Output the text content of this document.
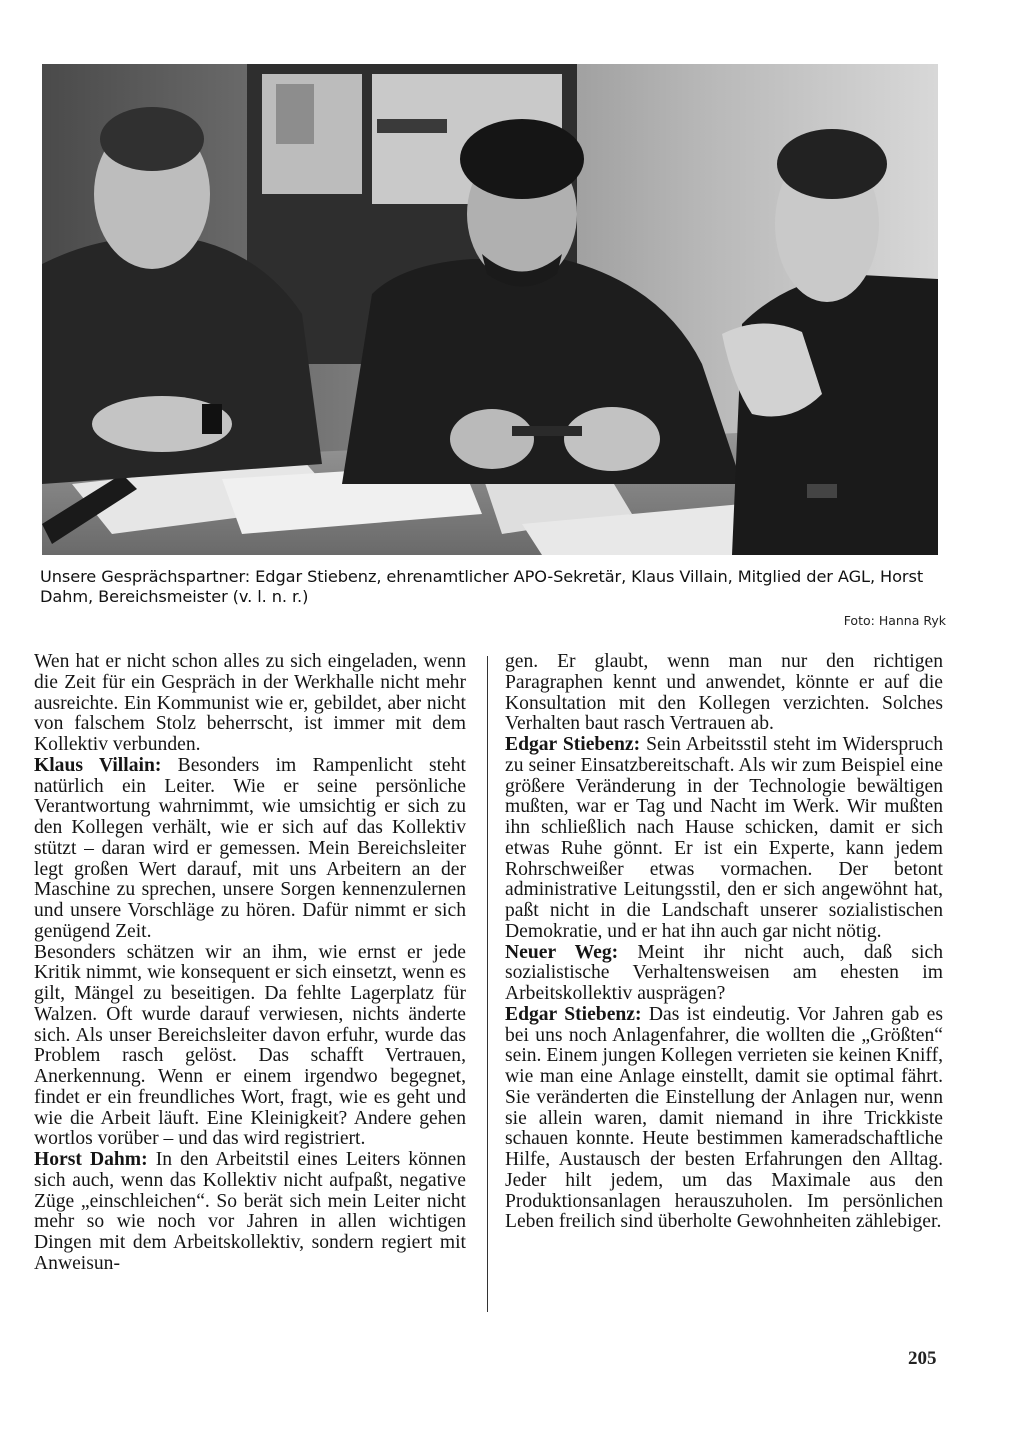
Unsere Gesprächspartner: Edgar Stiebenz, ehrenamtlicher APO-Sekretär, Klaus Villain, Mitglied der AGL, Horst Dahm, Bereichsmeister (v. l. n. r.)
Foto: Hanna Ryk

Wen hat er nicht schon alles zu sich eingeladen, wenn die Zeit für ein Gespräch in der Werkhalle nicht mehr ausreichte. Ein Kommunist wie er, gebildet, aber nicht von falschem Stolz beherrscht, ist immer mit dem Kollektiv verbunden.

Klaus Villain: Besonders im Rampenlicht steht natürlich ein Leiter. Wie er seine persönliche Verantwortung wahrnimmt, wie umsichtig er sich zu den Kollegen verhält, wie er sich auf das Kollektiv stützt – daran wird er gemessen. Mein Bereichsleiter legt großen Wert darauf, mit uns Arbeitern an der Maschine zu sprechen, unsere Sorgen kennenzulernen und unsere Vorschläge zu hören. Dafür nimmt er sich genügend Zeit.

Besonders schätzen wir an ihm, wie ernst er jede Kritik nimmt, wie konsequent er sich einsetzt, wenn es gilt, Mängel zu beseitigen. Da fehlte Lagerplatz für Walzen. Oft wurde darauf verwiesen, nichts änderte sich. Als unser Bereichsleiter davon erfuhr, wurde das Problem rasch gelöst. Das schafft Vertrauen, Anerkennung. Wenn er einem irgendwo begegnet, findet er ein freundliches Wort, fragt, wie es geht und wie die Arbeit läuft. Eine Kleinigkeit? Andere gehen wortlos vorüber – und das wird registriert.

Horst Dahm: In den Arbeitstil eines Leiters können sich auch, wenn das Kollektiv nicht aufpaßt, negative Züge „einschleichen“. So berät sich mein Leiter nicht mehr so wie noch vor Jahren in allen wichtigen Dingen mit dem Arbeitskollektiv, sondern regiert mit Anweisun-

gen. Er glaubt, wenn man nur den richtigen Paragraphen kennt und anwendet, könnte er auf die Konsultation mit den Kollegen verzichten. Solches Verhalten baut rasch Vertrauen ab.

Edgar Stiebenz: Sein Arbeitsstil steht im Widerspruch zu seiner Einsatzbereitschaft. Als wir zum Beispiel eine größere Veränderung in der Technologie bewältigen mußten, war er Tag und Nacht im Werk. Wir mußten ihn schließlich nach Hause schicken, damit er sich etwas Ruhe gönnt. Er ist ein Experte, kann jedem Rohrschweißer etwas vormachen. Der betont administrative Leitungsstil, den er sich angewöhnt hat, paßt nicht in die Landschaft unserer sozialistischen Demokratie, und er hat ihn auch gar nicht nötig.

Neuer Weg: Meint ihr nicht auch, daß sich sozialistische Verhaltensweisen am ehesten im Arbeitskollektiv ausprägen?

Edgar Stiebenz: Das ist eindeutig. Vor Jahren gab es bei uns noch Anlagenfahrer, die wollten die „Größten“ sein. Einem jungen Kollegen verrieten sie keinen Kniff, wie man eine Anlage einstellt, damit sie optimal fährt. Sie veränderten die Einstellung der Anlagen nur, wenn sie allein waren, damit niemand in ihre Trickkiste schauen konnte. Heute bestimmen kameradschaftliche Hilfe, Austausch der besten Erfahrungen den Alltag. Jeder hilt jedem, um das Maximale aus den Produktionsanlagen herauszuholen. Im persönlichen Leben freilich sind überholte Gewohnheiten zählebiger.

205
